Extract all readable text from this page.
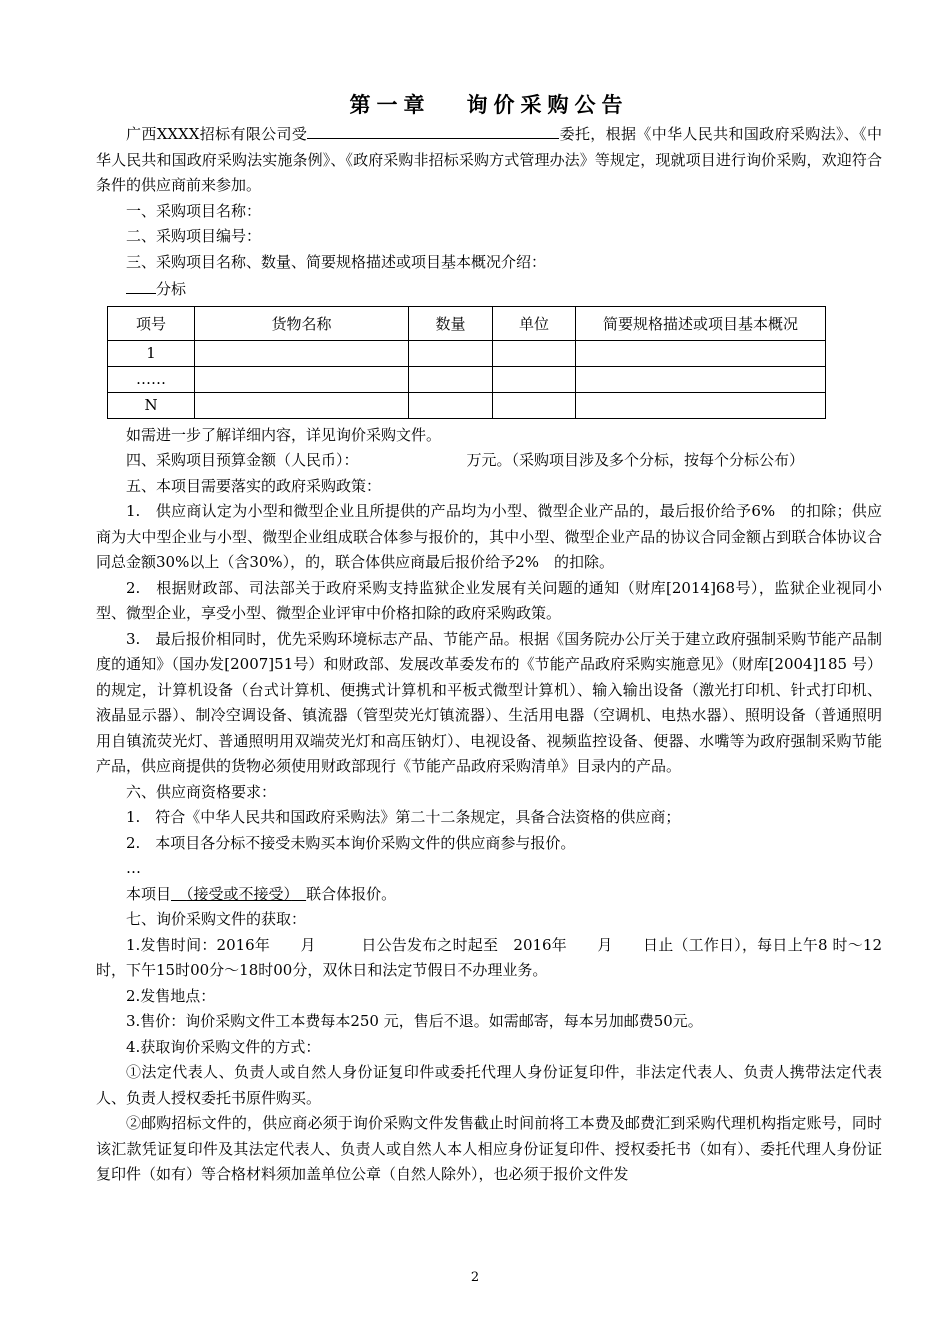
第一章 询价采购公告

广西XXXX招标有限公司受	委托，根据《中华人民共和国政府采购法》、《中华人民共和国政府采购法实施条例》、《政府采购非招标采购方式管理办法》等规定，现就项目进行询价采购，欢迎符合条件的供应商前来参加。

一、采购项目名称：

二、采购项目编号：

三、采购项目名称、数量、简要规格描述或项目基本概况介绍：

分标

项号	货物名称	数量	单位	简要规格描述或项目基本概况
1				
……				
N				

如需进一步了解详细内容，详见询价采购文件。

四、采购项目预算金额（人民币）：	万元。（采购项目涉及多个分标，按每个分标公布）

五、本项目需要落实的政府采购政策：

1.　供应商认定为小型和微型企业且所提供的产品均为小型、微型企业产品的，最后报价给予6%　的扣除；供应商为大中型企业与小型、微型企业组成联合体参与报价的，其中小型、微型企业产品的协议合同金额占到联合体协议合同总金额30%以上（含30%），的，联合体供应商最后报价给予2%　的扣除。

2.　根据财政部、司法部关于政府采购支持监狱企业发展有关问题的通知（财库[2014]68号），监狱企业视同小型、微型企业，享受小型、微型企业评审中价格扣除的政府采购政策。

3.　最后报价相同时，优先采购环境标志产品、节能产品。根据《国务院办公厅关于建立政府强制采购节能产品制度的通知》（国办发[2007]51号）和财政部、发展改革委发布的《节能产品政府采购实施意见》（财库[2004]185 号）的规定，计算机设备（台式计算机、便携式计算机和平板式微型计算机）、输入输出设备（激光打印机、针式打印机、液晶显示器）、制冷空调设备、镇流器（管型荧光灯镇流器）、生活用电器（空调机、电热水器）、照明设备（普通照明用自镇流荧光灯、普通照明用双端荧光灯和高压钠灯）、电视设备、视频监控设备、便器、水嘴等为政府强制采购节能产品，供应商提供的货物必须使用财政部现行《节能产品政府采购清单》目录内的产品。

六、供应商资格要求：

1.　符合《中华人民共和国政府采购法》第二十二条规定，具备合法资格的供应商；

2.　本项目各分标不接受未购买本询价采购文件的供应商参与报价。

…

本项目　 （接受或不接受）　 联合体报价。

七、询价采购文件的获取：

1.发售时间：2016年　　月　　　日公告发布之时起至　2016年　　月　　日止（工作日），每日上午8 时～12时，下午15时00分～18时00分，双休日和法定节假日不办理业务。

2.发售地点：

3.售价：询价采购文件工本费每本250 元，售后不退。如需邮寄，每本另加邮费50元。

4.获取询价采购文件的方式：

①法定代表人、负责人或自然人身份证复印件或委托代理人身份证复印件，非法定代表人、负责人携带法定代表人、负责人授权委托书原件购买。

②邮购招标文件的，供应商必须于询价采购文件发售截止时间前将工本费及邮费汇到采购代理机构指定账号，同时该汇款凭证复印件及其法定代表人、负责人或自然人本人相应身份证复印件、授权委托书（如有）、委托代理人身份证复印件（如有）等合格材料须加盖单位公章（自然人除外），也必须于报价文件发

2
